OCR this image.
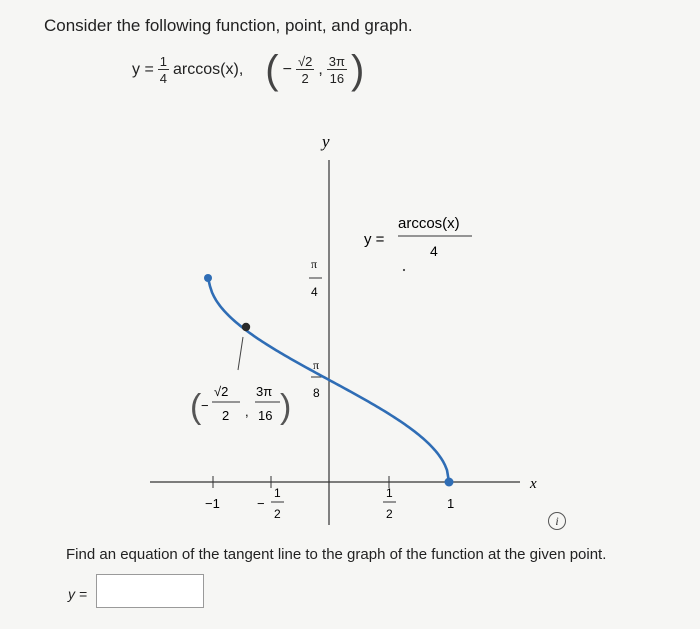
Consider the following function, point, and graph.
$y = \frac{1}{4} \arccos(x)$, ( − $\frac{√2}{2}$ , $\frac{3\pi}{16}$ )
y
x
y =
arccos(x)
4
π
4
π
8
−1	−
1
2
1
2
1
( −
√2
2 ,
3π
16 )
i
Find an equation of the tangent line to the graph of the function at the given point.
y =
